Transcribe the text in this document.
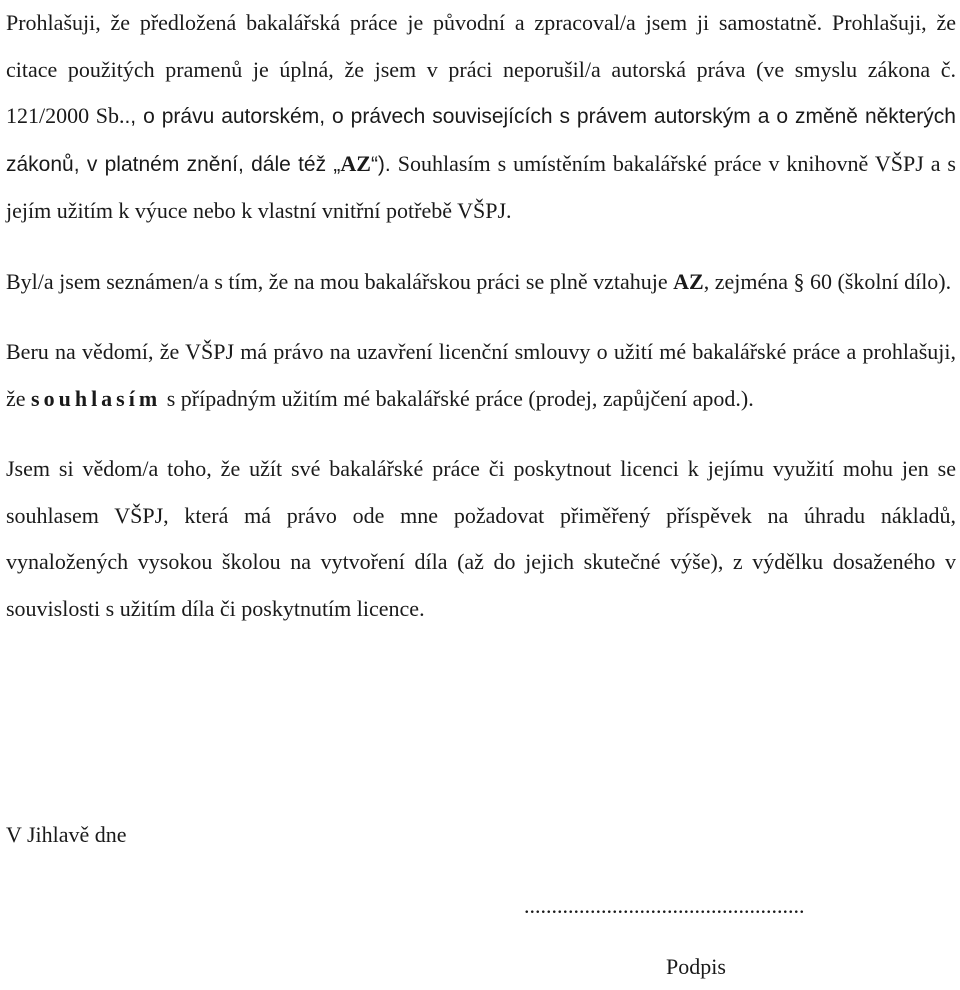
Prohlašuji, že předložená bakalářská práce je původní a zpracoval/a jsem ji samostatně. Prohlašuji, že citace použitých pramenů je úplná, že jsem v práci neporušil/a autorská práva (ve smyslu zákona č. 121/2000 Sb.., o právu autorském, o právech souvisejících s právem autorským a o změně některých zákonů, v platném znění, dále též „AZ“). Souhlasím s umístěním bakalářské práce v knihovně VŠPJ a s jejím užitím k výuce nebo k vlastní vnitřní potřebě VŠPJ.

Byl/a jsem seznámen/a s tím, že na mou bakalářskou práci se plně vztahuje AZ, zejména § 60 (školní dílo).

Beru na vědomí, že VŠPJ má právo na uzavření licenční smlouvy o užití mé bakalářské práce a prohlašuji, že souhlasím s případným užitím mé bakalářské práce (prodej, zapůjčení apod.).

Jsem si vědom/a toho, že užít své bakalářské práce či poskytnout licenci k jejímu využití mohu jen se souhlasem VŠPJ, která má právo ode mne požadovat přiměřený příspěvek na úhradu nákladů, vynaložených vysokou školou na vytvoření díla (až do jejich skutečné výše), z výdělku dosaženého v souvislosti s užitím díla či poskytnutím licence.

V Jihlavě dne

...................................................

Podpis
